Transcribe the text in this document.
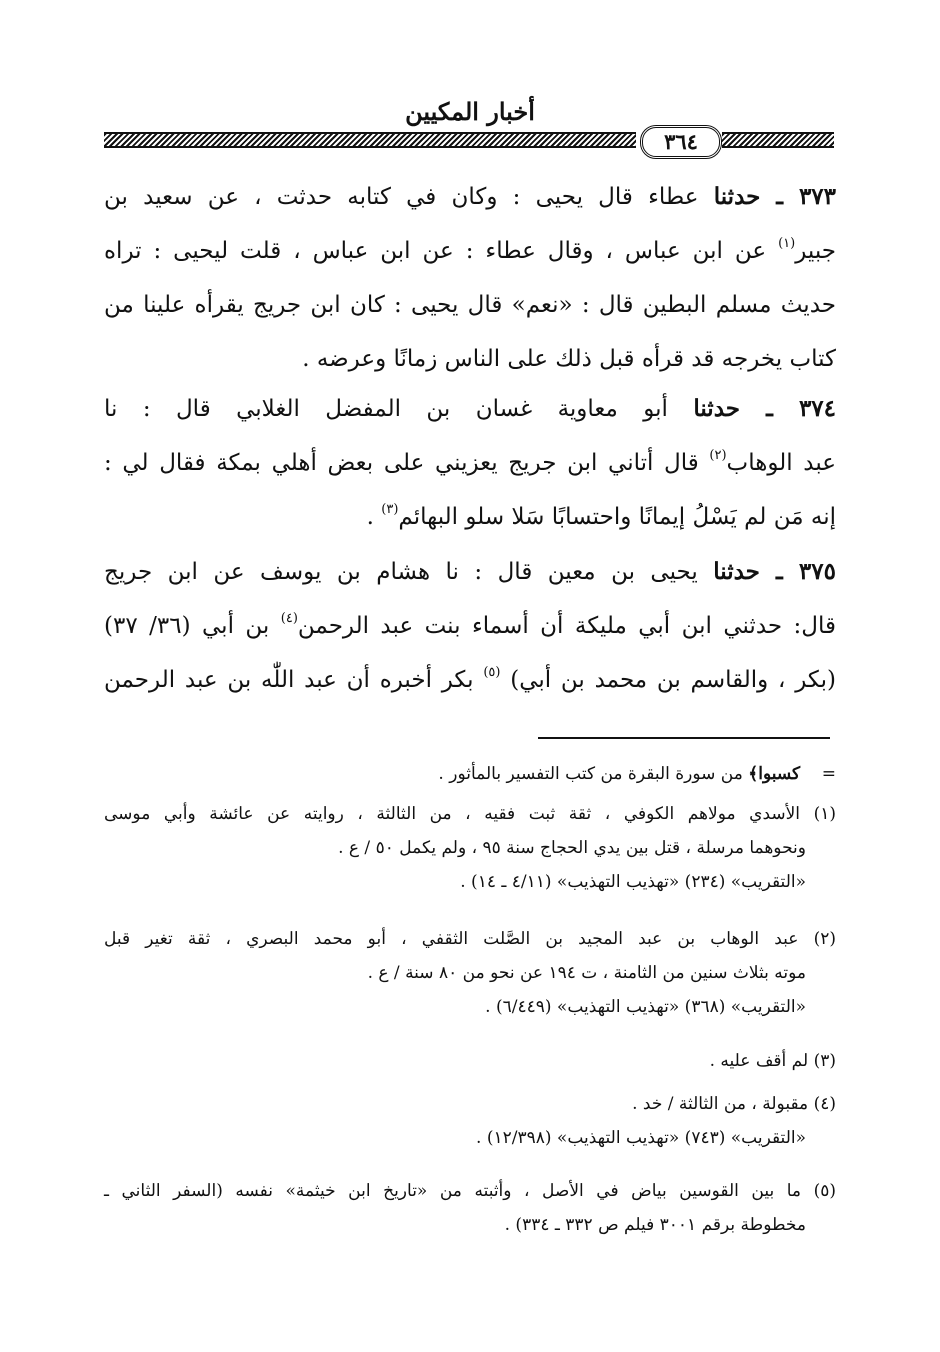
أخبار المكيين
٣٦٤
٣٧٣ ـ حدثنا عطاء قال يحيى : وكان في كتابه حدثت ، عن سعيد بن
جبير$^{(١)}$ عن ابن عباس ، وقال عطاء : عن ابن عباس ، قلت ليحيى : تراه
حديث مسلم البطين قال : «نعم» قال يحيى : كان ابن جريج يقرأه علينا من
كتاب يخرجه قد قرأه قبل ذلك على الناس زمانًا وعرضه .
٣٧٤ ـ حدثنا أبو معاوية غسان بن المفضل الغلابي قال : نا
عبد الوهاب$^{(٢)}$ قال أتاني ابن جريج يعزيني على بعض أهلي بمكة فقال لي :
إنه مَن لم يَسْلُ إيمانًا واحتسابًا سَلا سلو البهائم$^{(٣)}$ .
٣٧٥ ـ حدثنا يحيى بن معين قال : نا هشام بن يوسف عن ابن جريج
قال: حدثني ابن أبي مليكة أن أسماء بنت عبد الرحمن$^{(٤)}$ بن أبي (٣٦/ ٣٧)
(بكر ، والقاسم بن محمد بن أبي) $^{(٥)}$ بكر أخبره أن عبد اللّٰه بن عبد الرحمن
=    كسبوا﴾ من سورة البقرة من كتب التفسير بالمأثور .
(١) الأسدي مولاهم الكوفي ، ثقة ثبت فقيه ، من الثالثة ، روايته عن عائشة وأبي موسى
ونحوهما مرسلة ، قتل بين يدي الحجاج سنة ٩٥ ، ولم يكمل ٥٠ / ع .
«التقريب» (٢٣٤) «تهذيب التهذيب» (٤/١١ ـ ١٤) .
(٢) عبد الوهاب بن عبد المجيد بن الصَّلت الثقفي ، أبو محمد البصري ، ثقة تغير قبل
موته بثلاث سنين من الثامنة ، ت ١٩٤ عن نحو من ٨٠ سنة / ع .
«التقريب» (٣٦٨) «تهذيب التهذيب» (٦/٤٤٩) .
(٣) لم أقف عليه .
(٤) مقبولة ، من الثالثة / خد .
«التقريب» (٧٤٣) «تهذيب التهذيب» (١٢/٣٩٨) .
(٥) ما بين القوسين بياض في الأصل ، وأثبته من «تاريخ ابن خيثمة» نفسه (السفر الثاني ـ
مخطوطة برقم ٣٠٠١ فيلم ص ٣٣٢ ـ ٣٣٤) .
